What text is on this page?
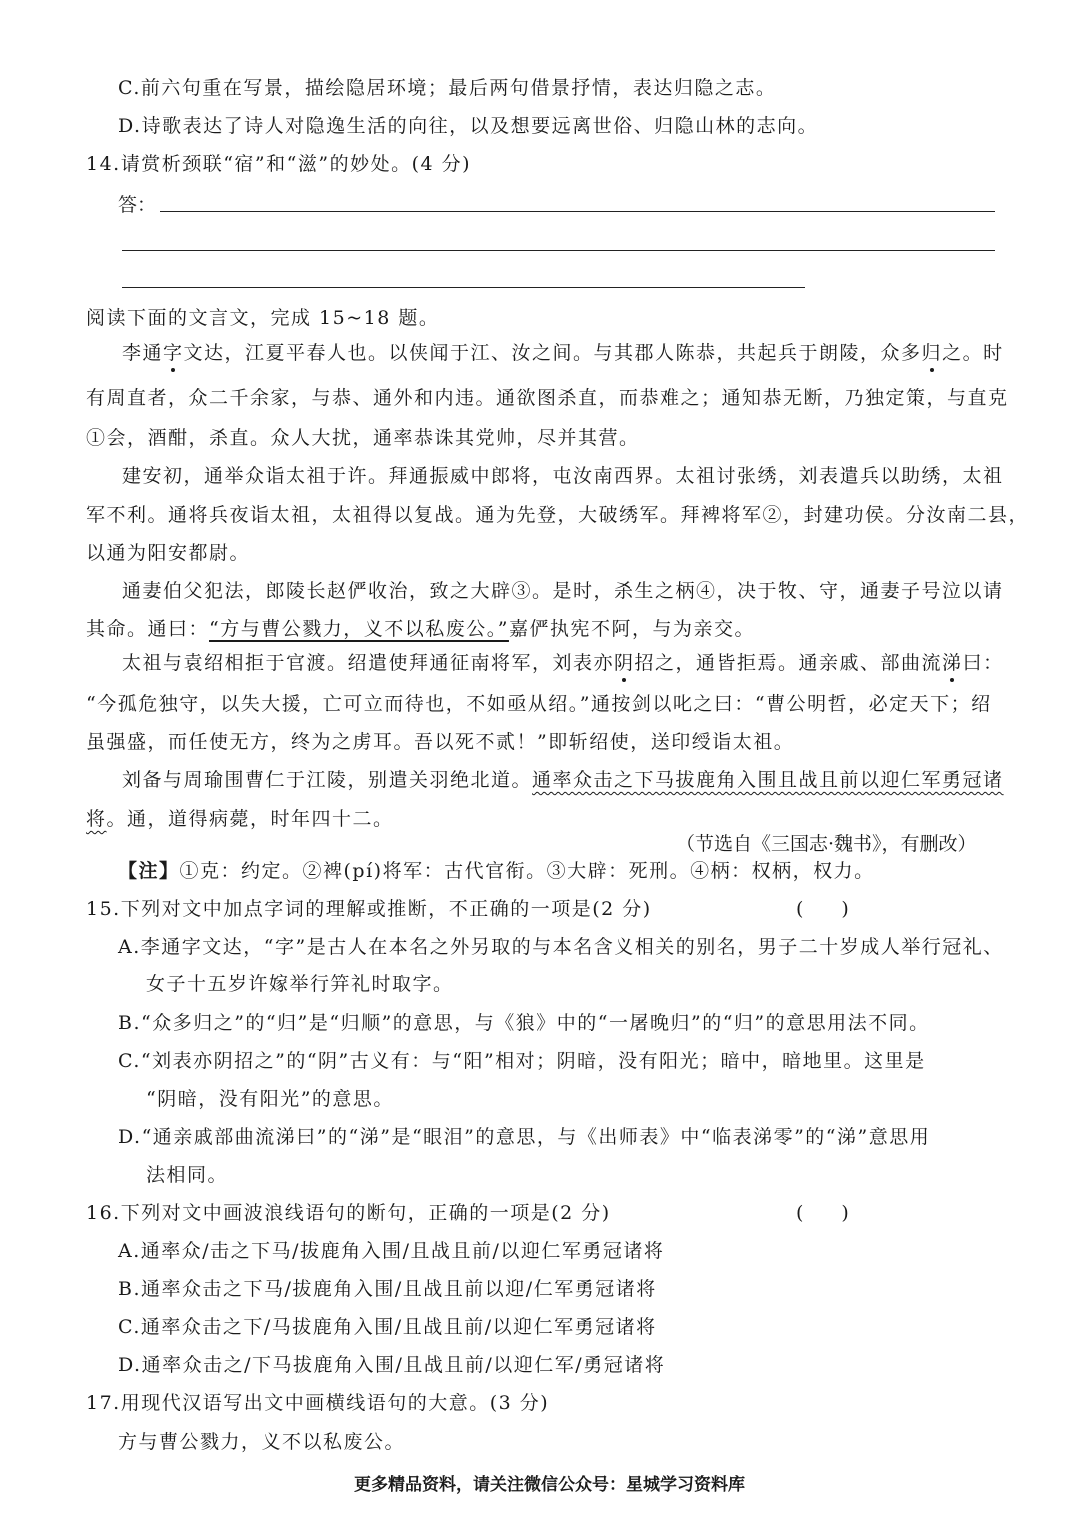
C.前六句重在写景，描绘隐居环境；最后两句借景抒情，表达归隐之志。
D.诗歌表达了诗人对隐逸生活的向往，以及想要远离世俗、归隐山林的志向。
14.请赏析颈联“宿”和“滋”的妙处。(4 分)
答：
阅读下面的文言文，完成 15~18 题。
李通字文达，江夏平春人也。以侠闻于江、汝之间。与其郡人陈恭，共起兵于朗陵，众多归之。时
有周直者，众二千余家，与恭、通外和内违。通欲图杀直，而恭难之；通知恭无断，乃独定策，与直克
①会，酒酣，杀直。众人大扰，通率恭诛其党帅，尽并其营。
建安初，通举众诣太祖于许。拜通振威中郎将，屯汝南西界。太祖讨张绣，刘表遣兵以助绣，太祖
军不利。通将兵夜诣太祖，太祖得以复战。通为先登，大破绣军。拜裨将军②，封建功侯。分汝南二县，
以通为阳安都尉。
通妻伯父犯法，郎陵长赵俨收治，致之大辟③。是时，杀生之柄④，决于牧、守，通妻子号泣以请
其命。通曰：“方与曹公戮力，义不以私废公。”嘉俨执宪不阿，与为亲交。
太祖与袁绍相拒于官渡。绍遣使拜通征南将军，刘表亦阴招之，通皆拒焉。通亲戚、部曲流涕曰：
“今孤危独守，以失大援，亡可立而待也，不如亟从绍。”通按剑以叱之曰：“曹公明哲，必定天下；绍
虽强盛，而任使无方，终为之虏耳。吾以死不贰！”即斩绍使，送印绶诣太祖。
刘备与周瑜围曹仁于江陵，别遣关羽绝北道。通率众击之下马拔鹿角入围且战且前以迎仁军勇冠诸
将。通，道得病薨，时年四十二。
（节选自《三国志·魏书》，有删改）
【注】①克：约定。②裨(pí)将军：古代官衔。③大辟：死刑。④柄：权柄，权力。
15.下列对文中加点字词的理解或推断，不正确的一项是(2 分)	(　　)
A.李通字文达，“字”是古人在本名之外另取的与本名含义相关的别名，男子二十岁成人举行冠礼、
女子十五岁许嫁举行笄礼时取字。
B.“众多归之”的“归”是“归顺”的意思，与《狼》中的“一屠晚归”的“归”的意思用法不同。
C.“刘表亦阴招之”的“阴”古义有：与“阳”相对；阴暗，没有阳光；暗中，暗地里。这里是
“阴暗，没有阳光”的意思。
D.“通亲戚部曲流涕曰”的“涕”是“眼泪”的意思，与《出师表》中“临表涕零”的“涕”意思用
法相同。
16.下列对文中画波浪线语句的断句，正确的一项是(2 分)	(　　)
A.通率众/击之下马/拔鹿角入围/且战且前/以迎仁军勇冠诸将
B.通率众击之下马/拔鹿角入围/且战且前以迎/仁军勇冠诸将
C.通率众击之下/马拔鹿角入围/且战且前/以迎仁军勇冠诸将
D.通率众击之/下马拔鹿角入围/且战且前/以迎仁军/勇冠诸将
17.用现代汉语写出文中画横线语句的大意。(3 分)
方与曹公戮力，义不以私废公。
更多精品资料，请关注微信公众号：星城学习资料库
